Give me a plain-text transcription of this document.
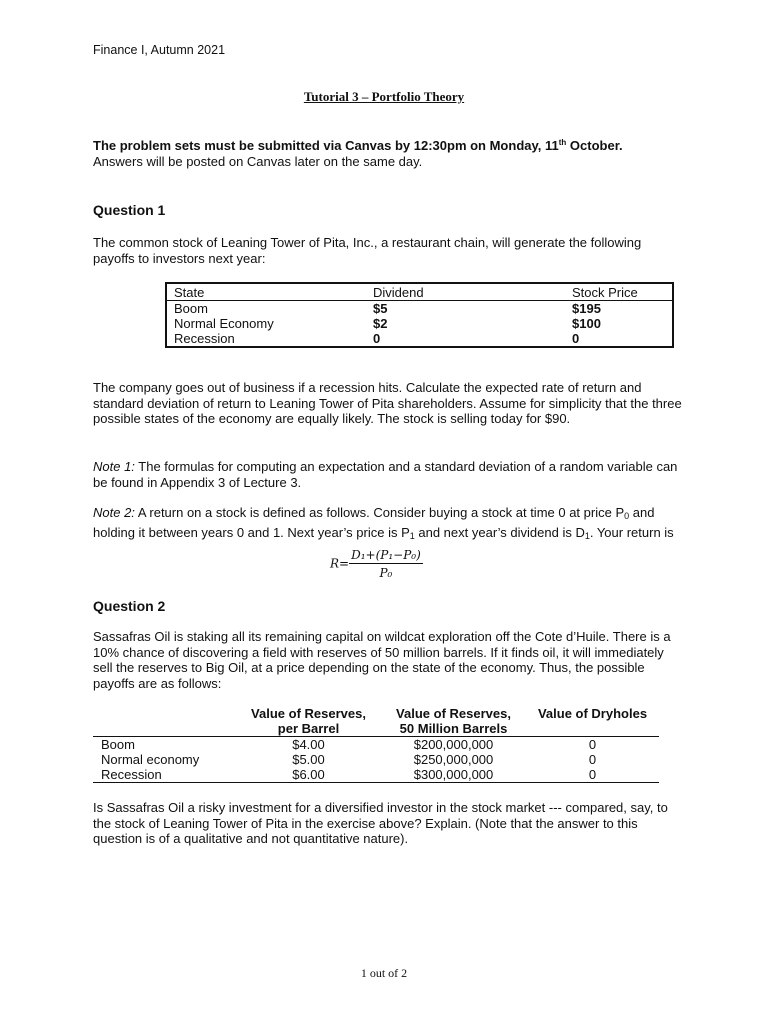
Finance I, Autumn 2021
Tutorial 3 – Portfolio Theory
The problem sets must be submitted via Canvas by 12:30pm on Monday, 11th October.
Answers will be posted on Canvas later on the same day.
Question 1
The common stock of Leaning Tower of Pita, Inc., a restaurant chain, will generate the following payoffs to investors next year:
State	Dividend	Stock Price
Boom	$5	$195
Normal Economy	$2	$100
Recession	0	0
The company goes out of business if a recession hits. Calculate the expected rate of return and standard deviation of return to Leaning Tower of Pita shareholders. Assume for simplicity that the three possible states of the economy are equally likely. The stock is selling today for $90.
Note 1: The formulas for computing an expectation and a standard deviation of a random variable can be found in Appendix 3 of Lecture 3.
Note 2: A return on a stock is defined as follows. Consider buying a stock at time 0 at price $P_0$ and holding it between years 0 and 1. Next year’s price is $P_1$ and next year’s dividend is $D_1$. Your return is
$R= \frac{\text{D₁+(P₁−P₀)}}{\text{P₀}}$
Question 2
Sassafras Oil is staking all its remaining capital on wildcat exploration off the Cote d’Huile. There is a 10% chance of discovering a field with reserves of 50 million barrels. If it finds oil, it will immediately sell the reserves to Big Oil, at a price depending on the state of the economy. Thus, the possible payoffs are as follows:
	Value of Reserves,	Value of Reserves,	Value of Dryholes
	per Barrel	50 Million Barrels	
Boom	$4.00	$200,000,000	0
Normal economy	$5.00	$250,000,000	0
Recession	$6.00	$300,000,000	0
Is Sassafras Oil a risky investment for a diversified investor in the stock market --- compared, say, to the stock of Leaning Tower of Pita in the exercise above? Explain. (Note that the answer to this question is of a qualitative and not quantitative nature).
1 out of 2
